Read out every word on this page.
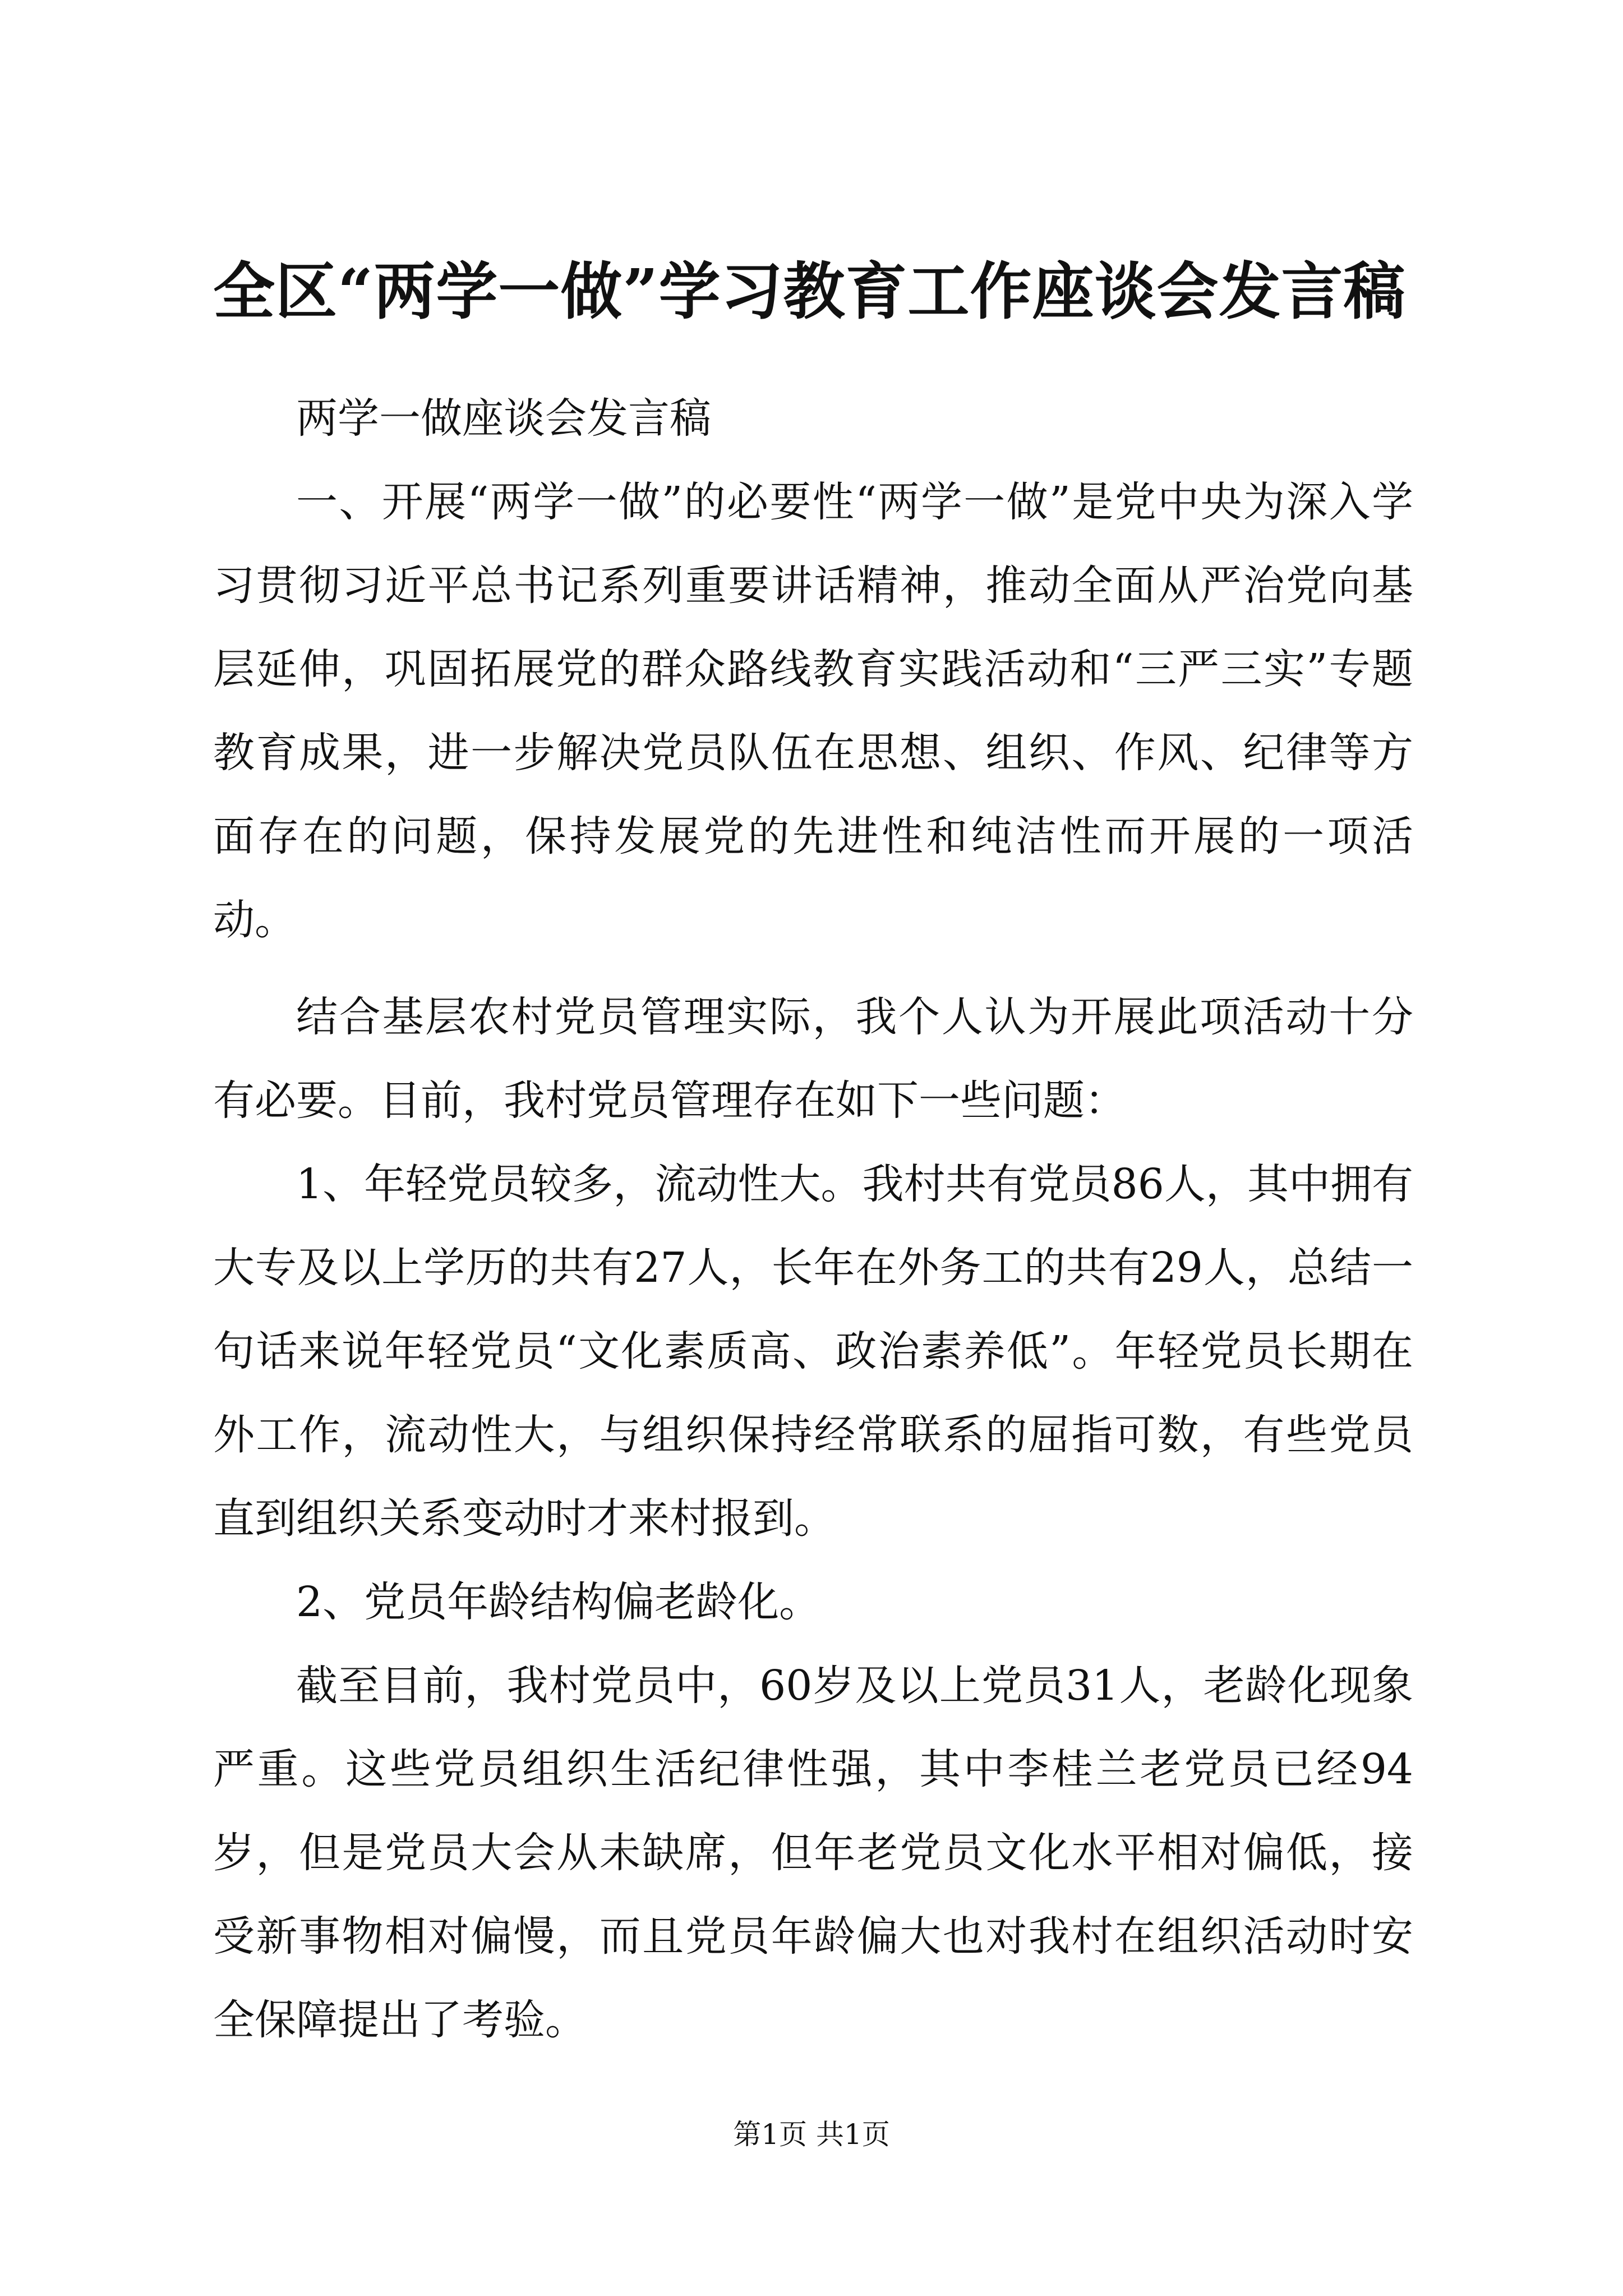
全区“两学一做”学习教育工作座谈会发言稿

两学一做座谈会发言稿

一、开展“两学一做”的必要性“两学一做”是党中央为深入学习贯彻习近平总书记系列重要讲话精神，推动全面从严治党向基层延伸，巩固拓展党的群众路线教育实践活动和“三严三实”专题教育成果，进一步解决党员队伍在思想、组织、作风、纪律等方面存在的问题，保持发展党的先进性和纯洁性而开展的一项活动。

结合基层农村党员管理实际，我个人认为开展此项活动十分有必要。目前，我村党员管理存在如下一些问题：

1、年轻党员较多，流动性大。我村共有党员86人，其中拥有大专及以上学历的共有27人，长年在外务工的共有29人，总结一句话来说年轻党员“文化素质高、政治素养低”。年轻党员长期在外工作，流动性大，与组织保持经常联系的屈指可数，有些党员直到组织关系变动时才来村报到。

2、党员年龄结构偏老龄化。

截至目前，我村党员中，60岁及以上党员31人，老龄化现象严重。这些党员组织生活纪律性强，其中李桂兰老党员已经94岁，但是党员大会从未缺席，但年老党员文化水平相对偏低，接受新事物相对偏慢，而且党员年龄偏大也对我村在组织活动时安全保障提出了考验。

第1页 共1页
